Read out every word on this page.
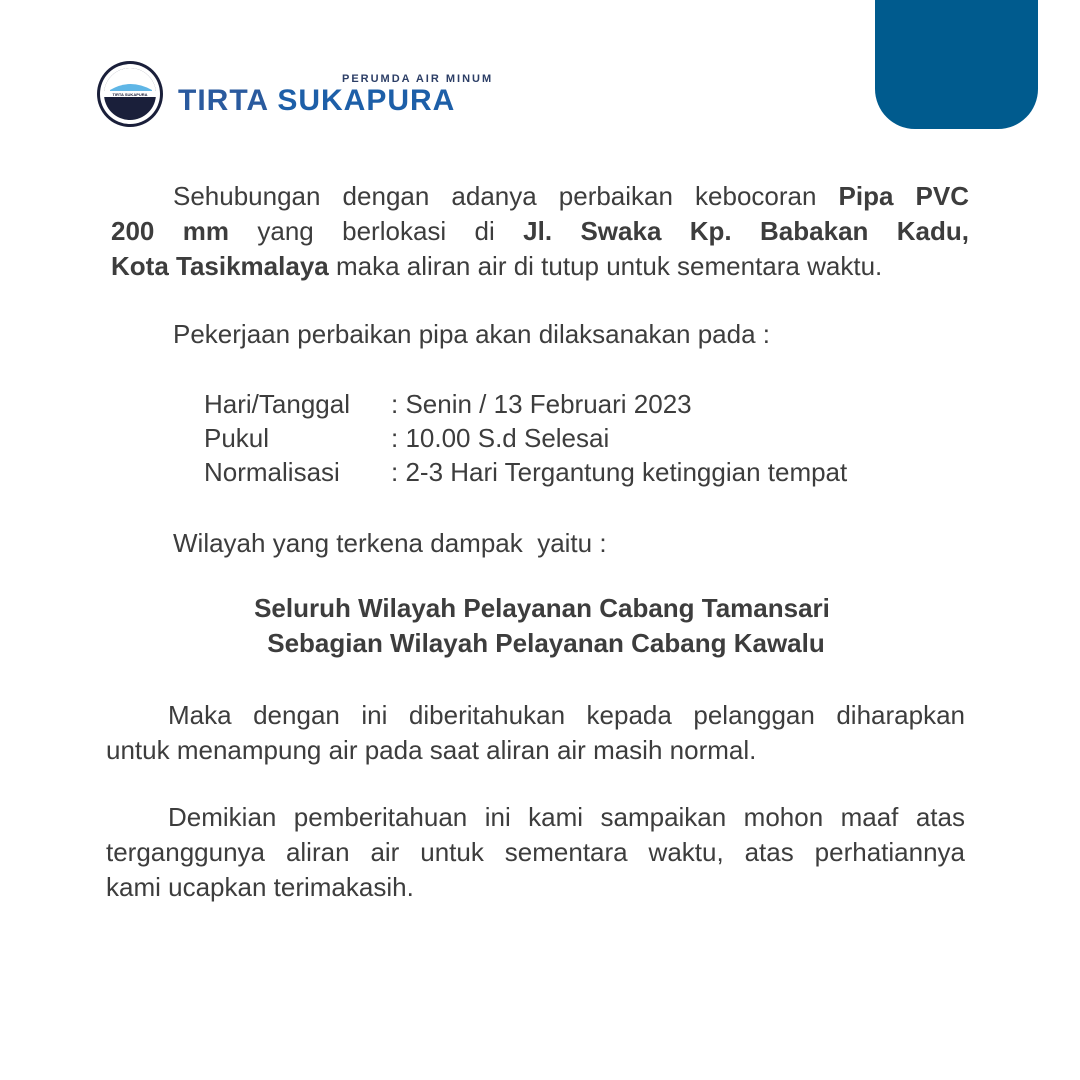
TIRTA SUKAPURA
PERUMDA AIR MINUM
TIRTA SUKAPURA
Sehubungan dengan adanya perbaikan kebocoran Pipa PVC
200 mm yang berlokasi di Jl. Swaka Kp. Babakan Kadu,
Kota Tasikmalaya maka aliran air di tutup untuk sementara waktu.
Pekerjaan perbaikan pipa akan dilaksanakan pada :
Hari/Tanggal	: Senin / 13 Februari 2023
Pukul	: 10.00 S.d Selesai
Normalisasi	: 2-3 Hari Tergantung ketinggian tempat
Wilayah yang terkena dampak  yaitu :
Seluruh Wilayah Pelayanan Cabang Tamansari
Sebagian Wilayah Pelayanan Cabang Kawalu
Maka dengan ini diberitahukan kepada pelanggan diharapkan
untuk menampung air pada saat aliran air masih normal.
Demikian pemberitahuan ini kami sampaikan mohon maaf atas
terganggunya aliran air untuk sementara waktu, atas perhatiannya
kami ucapkan terimakasih.
